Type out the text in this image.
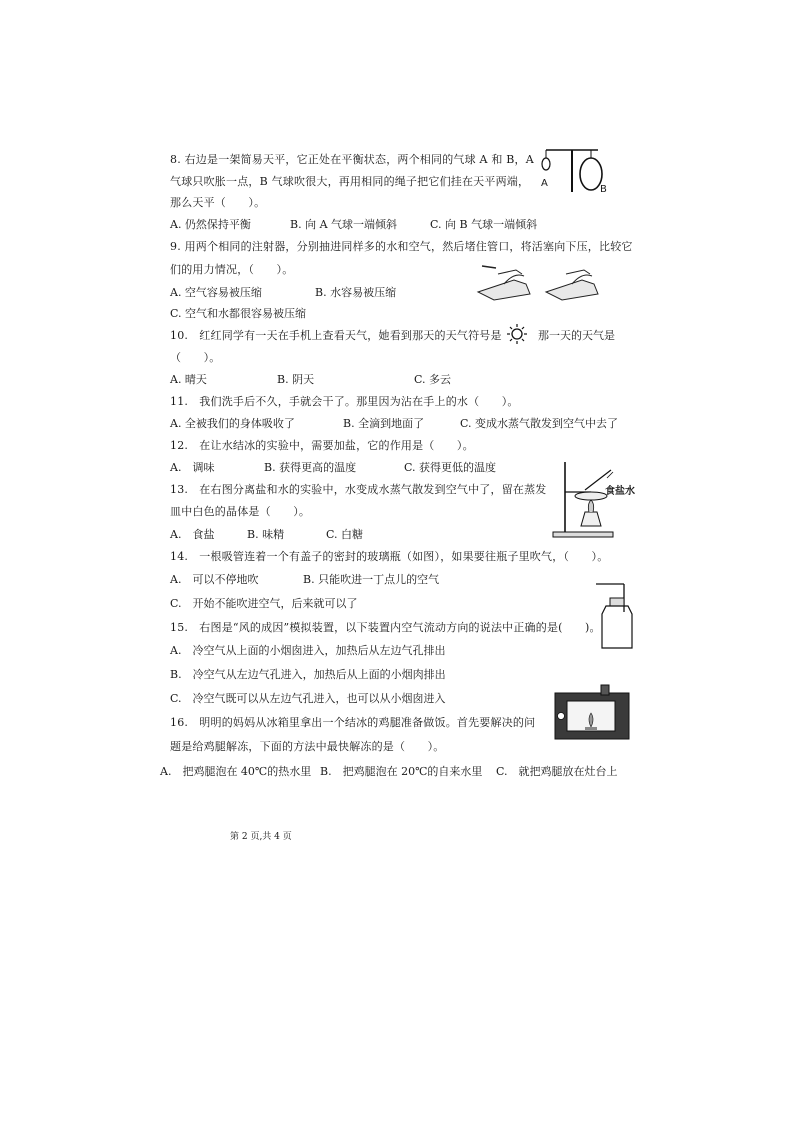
8. 右边是一架简易天平，它正处在平衡状态，两个相同的气球 A 和 B，A
气球只吹胀一点，B 气球吹很大，再用相同的绳子把它们挂在天平两端，
那么天平（　　）。
A. 仍然保持平衡	B. 向 A 气球一端倾斜	C. 向 B 气球一端倾斜
A
B
9. 用两个相同的注射器，分别抽进同样多的水和空气，然后堵住管口，将活塞向下压，比较它
们的用力情况，（　　）。
A. 空气容易被压缩	B. 水容易被压缩
C. 空气和水都很容易被压缩
10.　红红同学有一天在手机上查看天气，她看到那天的天气符号是	那一天的天气是
（　　）。
A. 晴天	B. 阴天	C. 多云
11.　我们洗手后不久，手就会干了。那里因为沾在手上的水（　　）。
A. 全被我们的身体吸收了	B. 全滴到地面了	C. 变成水蒸气散发到空气中去了
12.　在让水结冰的实验中，需要加盐，它的作用是（　　）。
A.　调味	B. 获得更高的温度	C. 获得更低的温度
13.　在右图分离盐和水的实验中，水变成水蒸气散发到空气中了，留在蒸发
皿中白色的晶体是（　　）。
A.　食盐	B. 味精	C. 白糖
食盐水
14.　一根吸管连着一个有盖子的密封的玻璃瓶（如图），如果要往瓶子里吹气，（　　）。
A.　可以不停地吹	B. 只能吹进一丁点儿的空气
C.　开始不能吹进空气，后来就可以了
15.　右图是“风的成因”模拟装置，以下装置内空气流动方向的说法中正确的是(　　)。
A.　冷空气从上面的小烟囱进入，加热后从左边气孔排出
B.　冷空气从左边气孔进入，加热后从上面的小烟肉排出
C.　冷空气既可以从左边气孔进入，也可以从小烟囱进入
16.　明明的妈妈从冰箱里拿出一个结冰的鸡腿准备做饭。首先要解决的问
题是给鸡腿解冻，下面的方法中最快解冻的是（　　）。
A.　把鸡腿泡在 40℃的热水里 B.　把鸡腿泡在 20℃的自来水里 C.　就把鸡腿放在灶台上
第 2 页,共 4 页
